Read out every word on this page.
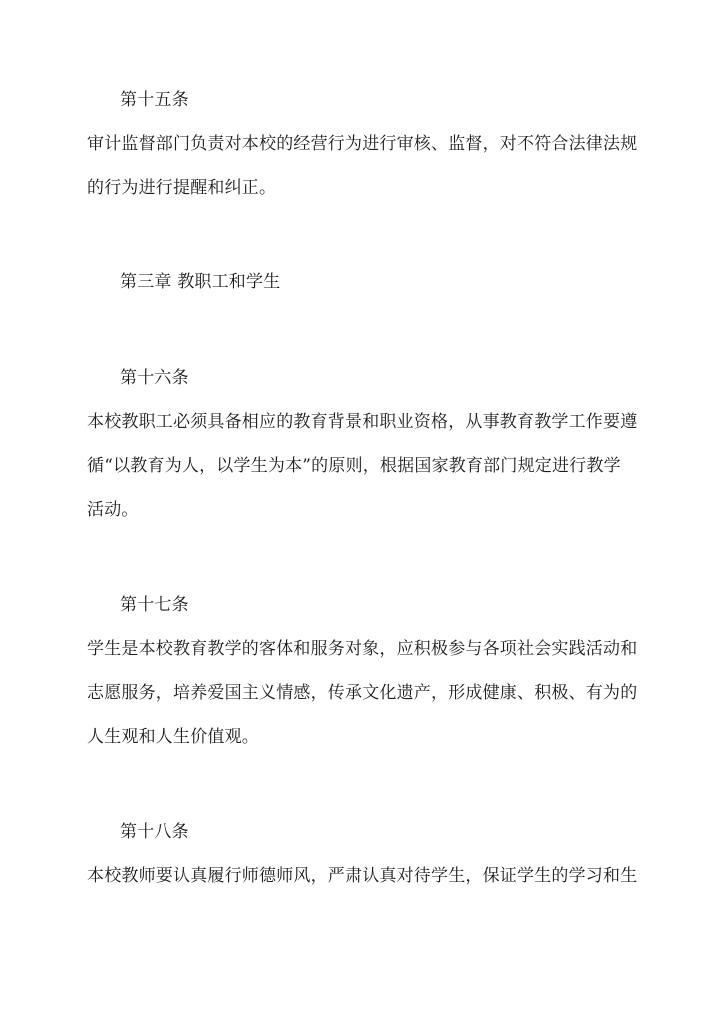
第十五条
审计监督部门负责对本校的经营行为进行审核、监督，对不符合法律法规
的行为进行提醒和纠正。
第三章 教职工和学生
第十六条
本校教职工必须具备相应的教育背景和职业资格，从事教育教学工作要遵
循“以教育为人，以学生为本”的原则，根据国家教育部门规定进行教学
活动。
第十七条
学生是本校教育教学的客体和服务对象，应积极参与各项社会实践活动和
志愿服务，培养爱国主义情感，传承文化遗产，形成健康、积极、有为的
人生观和人生价值观。
第十八条
本校教师要认真履行师德师风，严肃认真对待学生，保证学生的学习和生
